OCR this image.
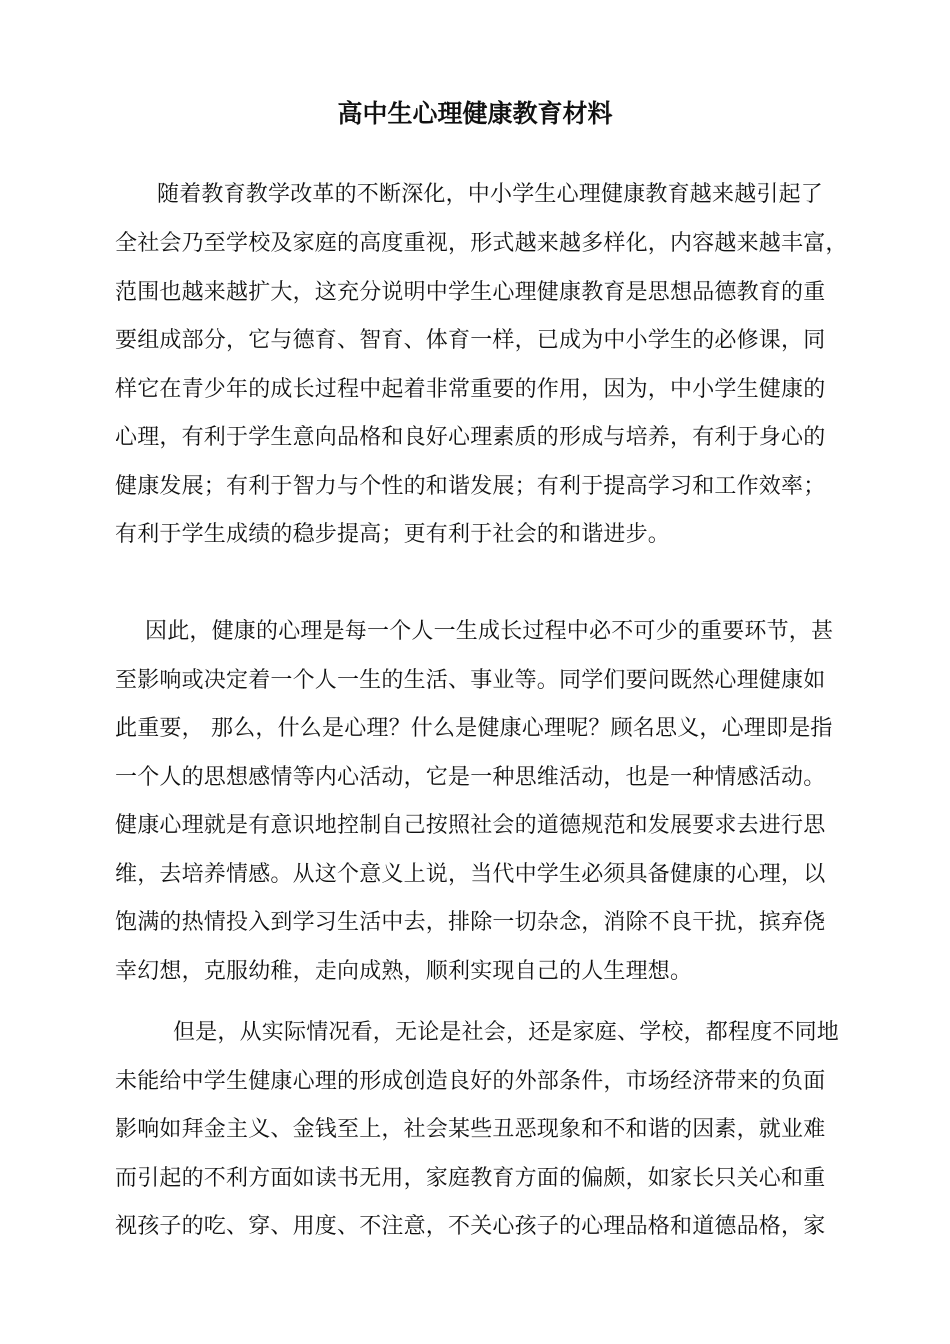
高中生心理健康教育材料
随着教育教学改革的不断深化，中小学生心理健康教育越来越引起了
全社会乃至学校及家庭的高度重视，形式越来越多样化，内容越来越丰富，
范围也越来越扩大，这充分说明中学生心理健康教育是思想品德教育的重
要组成部分，它与德育、智育、体育一样，已成为中小学生的必修课，同
样它在青少年的成长过程中起着非常重要的作用，因为，中小学生健康的
心理，有利于学生意向品格和良好心理素质的形成与培养，有利于身心的
健康发展；有利于智力与个性的和谐发展；有利于提高学习和工作效率；
有利于学生成绩的稳步提高；更有利于社会的和谐进步。
因此，健康的心理是每一个人一生成长过程中必不可少的重要环节，甚
至影响或决定着一个人一生的生活、事业等。同学们要问既然心理健康如
此重要， 那么，什么是心理？什么是健康心理呢？顾名思义，心理即是指
一个人的思想感情等内心活动，它是一种思维活动，也是一种情感活动。
健康心理就是有意识地控制自己按照社会的道德规范和发展要求去进行思
维，去培养情感。从这个意义上说，当代中学生必须具备健康的心理，以
饱满的热情投入到学习生活中去，排除一切杂念，消除不良干扰，摈弃侥
幸幻想，克服幼稚，走向成熟，顺利实现自己的人生理想。
但是，从实际情况看，无论是社会，还是家庭、学校，都程度不同地
未能给中学生健康心理的形成创造良好的外部条件，市场经济带来的负面
影响如拜金主义、金钱至上，社会某些丑恶现象和不和谐的因素，就业难
而引起的不利方面如读书无用，家庭教育方面的偏颇，如家长只关心和重
视孩子的吃、穿、用度、不注意，不关心孩子的心理品格和道德品格，家
